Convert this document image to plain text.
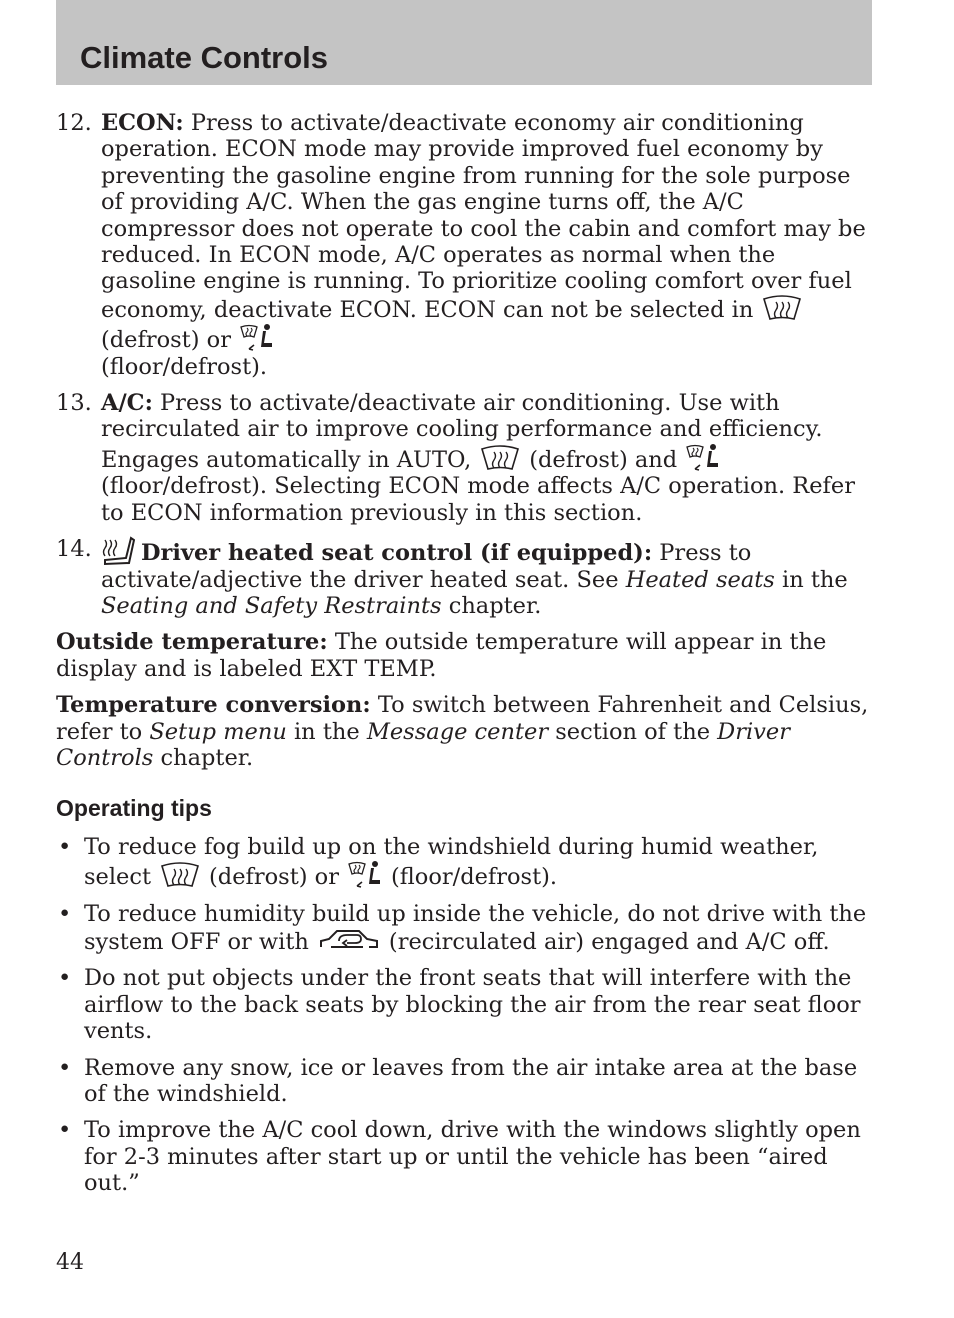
Climate Controls
12. ECON: Press to activate/deactivate economy air conditioning operation. ECON mode may provide improved fuel economy by preventing the gasoline engine from running for the sole purpose of providing A/C. When the gas engine turns off, the A/C compressor does not operate to cool the cabin and comfort may be reduced. In ECON mode, A/C operates as normal when the gasoline engine is running. To prioritize cooling comfort over fuel economy, deactivate ECON. ECON can not be selected in
(defrost) or

(floor/defrost).
13. A/C: Press to activate/deactivate air conditioning. Use with recirculated air to improve cooling performance and efficiency. Engages automatically in AUTO,	(defrost) and
(floor/defrost). Selecting ECON mode affects A/C operation. Refer to ECON information previously in this section.
14. Driver heated seat control (if equipped): Press to activate/adjective the driver heated seat. See Heated seats in the Seating and Safety Restraints chapter.

Outside temperature: The outside temperature will appear in the display and is labeled EXT TEMP.

Temperature conversion: To switch between Fahrenheit and Celsius, refer to Setup menu in the Message center section of the Driver Controls chapter.

Operating tips
• To reduce fog build up on the windshield during humid weather, select	(defrost) or (floor/defrost).
• To reduce humidity build up inside the vehicle, do not drive with the system OFF or with	(recirculated air) engaged and A/C off.
• Do not put objects under the front seats that will interfere with the airflow to the back seats by blocking the air from the rear seat floor vents.
• Remove any snow, ice or leaves from the air intake area at the base of the windshield.
• To improve the A/C cool down, drive with the windows slightly open for 2-3 minutes after start up or until the vehicle has been “aired out.”
44
